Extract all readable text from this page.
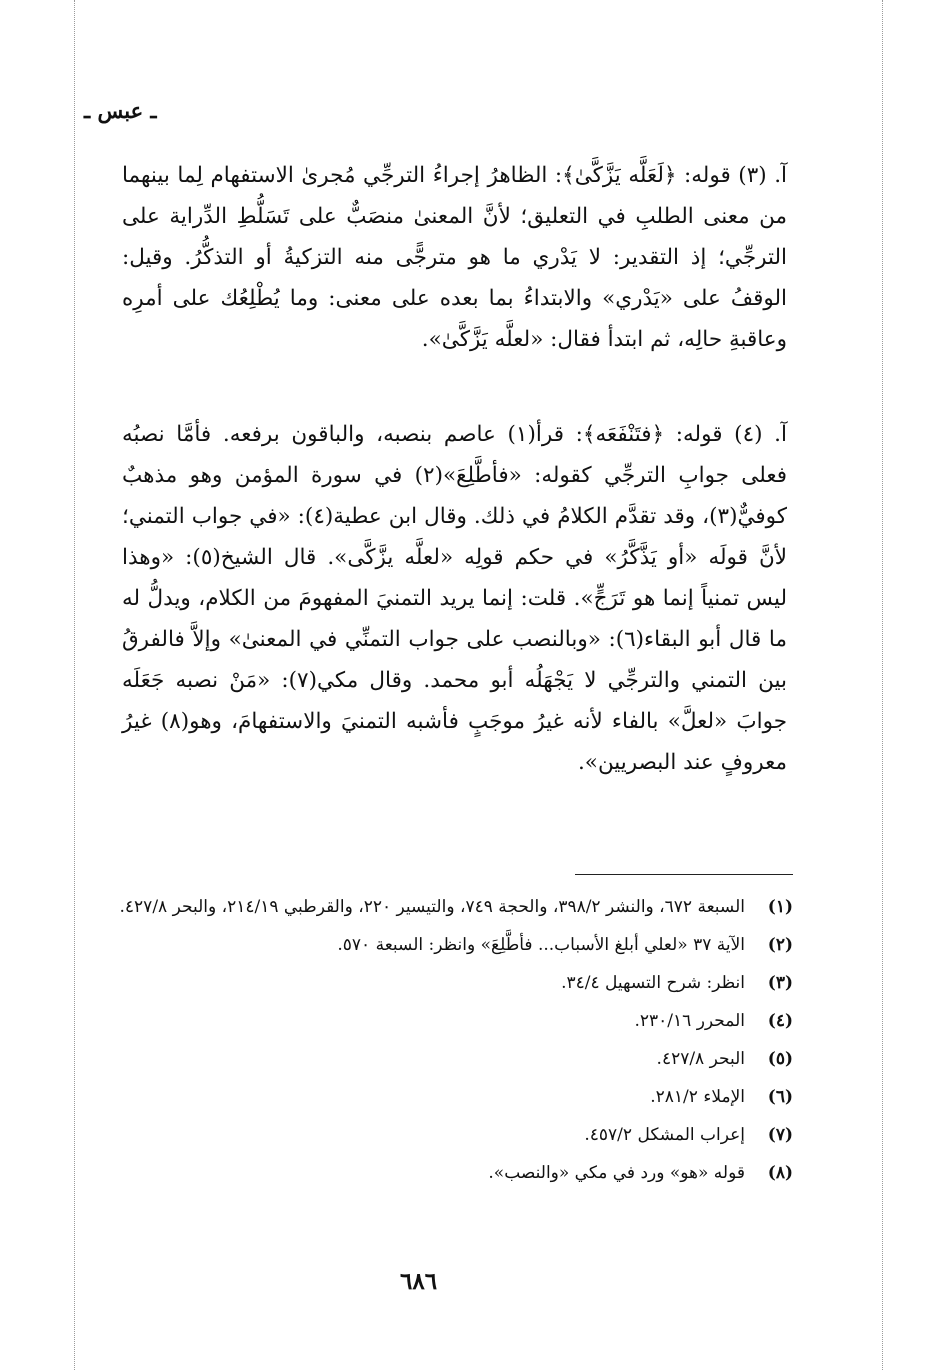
ـ عبس ـ

آ. (٣) قوله: ﴿لَعَلَّه يَزَّكَّىٰ﴾: الظاهرُ إجراءُ الترجِّي مُجرىٰ الاستفهام لِما بينهما من معنى الطلبِ في التعليق؛ لأنَّ المعنىٰ منصَبٌّ على تَسَلُّطِ الدِّراية على الترجِّي؛ إذ التقدير: لا يَدْري ما هو مترجًّى منه التزكيةُ أو التذكُّرُ. وقيل: الوقفُ على «يَدْري» والابتداءُ بما بعده على معنى: وما يُطْلِعُك على أمرِه وعاقبةِ حالِه، ثم ابتدأ فقال: «لعلَّه يَزَّكَّىٰ».

آ. (٤) قوله: ﴿فتَنْفَعَه﴾: قرأ(١) عاصم بنصبه، والباقون برفعه. فأمَّا نصبُه فعلى جوابِ الترجِّي كقوله: «فأطَّلِعَ»(٢) في سورة المؤمن وهو مذهبٌ كوفيٌّ(٣)، وقد تقدَّم الكلامُ في ذلك. وقال ابن عطية(٤): «في جواب التمني؛ لأنَّ قولَه «أو يَذَّكَّرُ» في حكم قولِه «لعلَّه يزَّكَّى». قال الشيخ(٥): «وهذا ليس تمنياً إنما هو تَرَجٍّ». قلت: إنما يريد التمنيَ المفهومَ من الكلام، ويدلُّ له ما قال أبو البقاء(٦): «وبالنصب على جواب التمنِّي في المعنىٰ» وإلاَّ فالفرقُ بين التمني والترجِّي لا يَجْهَلُه أبو محمد. وقال مكي(٧): «مَنْ نصبه جَعَلَه جوابَ «لعلَّ» بالفاء لأنه غيرُ موجَبٍ فأشبه التمنيَ والاستفهامَ، وهو(٨) غيرُ معروفٍ عند البصريين».

(١)
السبعة ٦٧٢، والنشر ٣٩٨/٢، والحجة ٧٤٩، والتيسير ٢٢٠، والقرطبي ٢١٤/١٩، والبحر ٤٢٧/٨.
(٢)
الآية ٣٧ «لعلي أبلغ الأسباب... فأطَّلِعَ» وانظر: السبعة ٥٧٠.
(٣)
انظر: شرح التسهيل ٣٤/٤.
(٤)
المحرر ٢٣٠/١٦.
(٥)
البحر ٤٢٧/٨.
(٦)
الإملاء ٢٨١/٢.
(٧)
إعراب المشكل ٤٥٧/٢.
(٨)
قوله «هو» ورد في مكي «والنصب».
٦٨٦
